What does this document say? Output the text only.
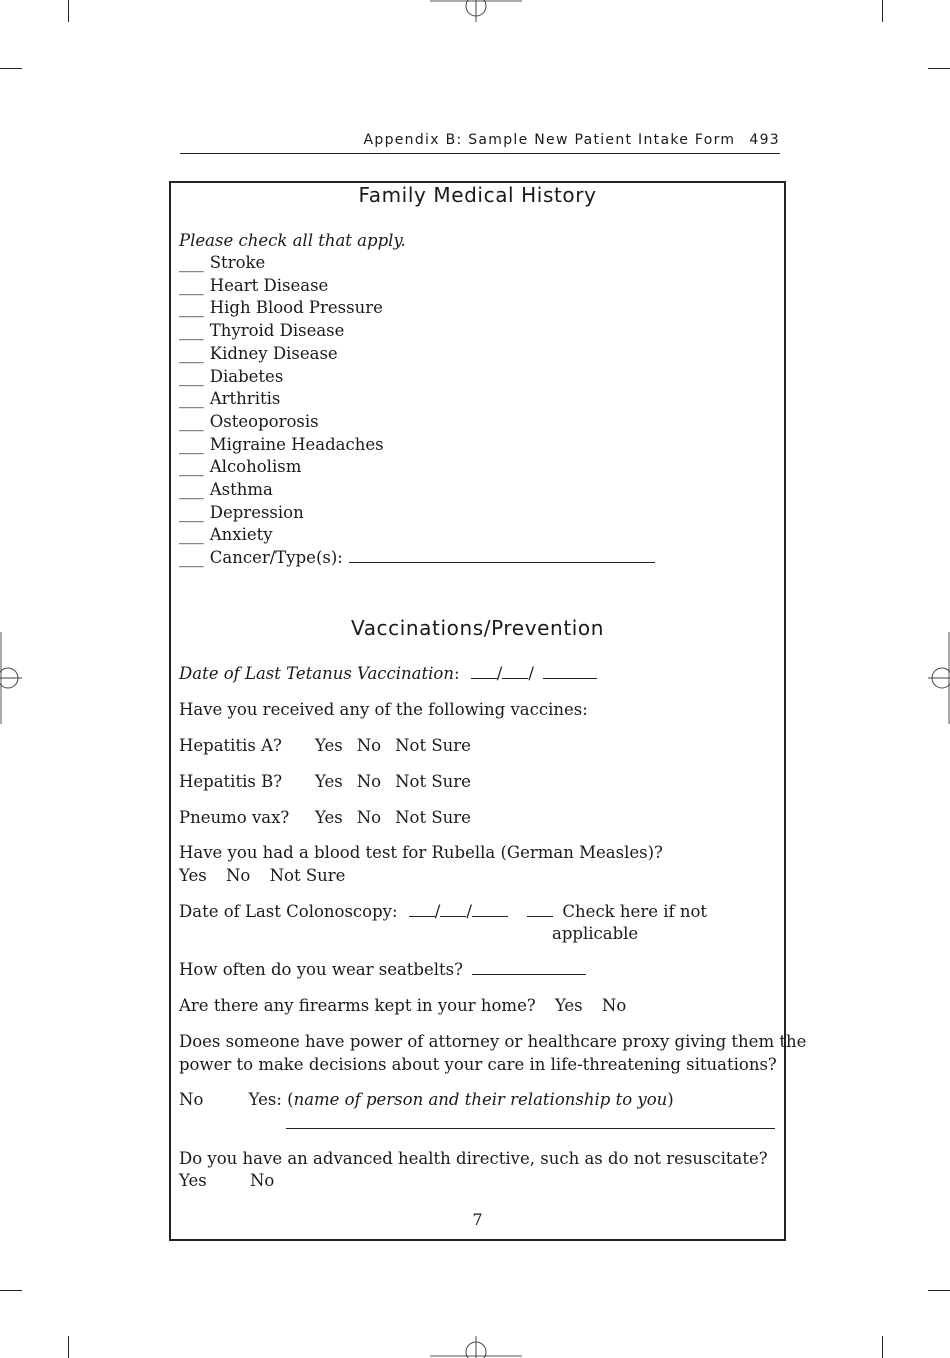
Appendix B: Sample New Patient Intake Form 493
Family Medical History
Please check all that apply.
___ Stroke
___ Heart Disease
___ High Blood Pressure
___ Thyroid Disease
___ Kidney Disease
___ Diabetes
___ Arthritis
___ Osteoporosis
___ Migraine Headaches
___ Alcoholism
___ Asthma
___ Depression
___ Anxiety
___ Cancer/Type(s):
Vaccinations/Prevention
Date of Last Tetanus Vaccination: / /
Have you received any of the following vaccines:
Hepatitis A? Yes No Not Sure
Hepatitis B? Yes No Not Sure
Pneumo vax? Yes No Not Sure
Have you had a blood test for Rubella (German Measles)?
Yes No Not Sure
Date of Last Colonoscopy: / /	Check here if not
applicable
How often do you wear seatbelts?
Are there any firearms kept in your home? Yes No
Does someone have power of attorney or healthcare proxy giving them the
power to make decisions about your care in life-threatening situations?
No	Yes: (name of person and their relationship to you)
Do you have an advanced health directive, such as do not resuscitate?
Yes	No
7
